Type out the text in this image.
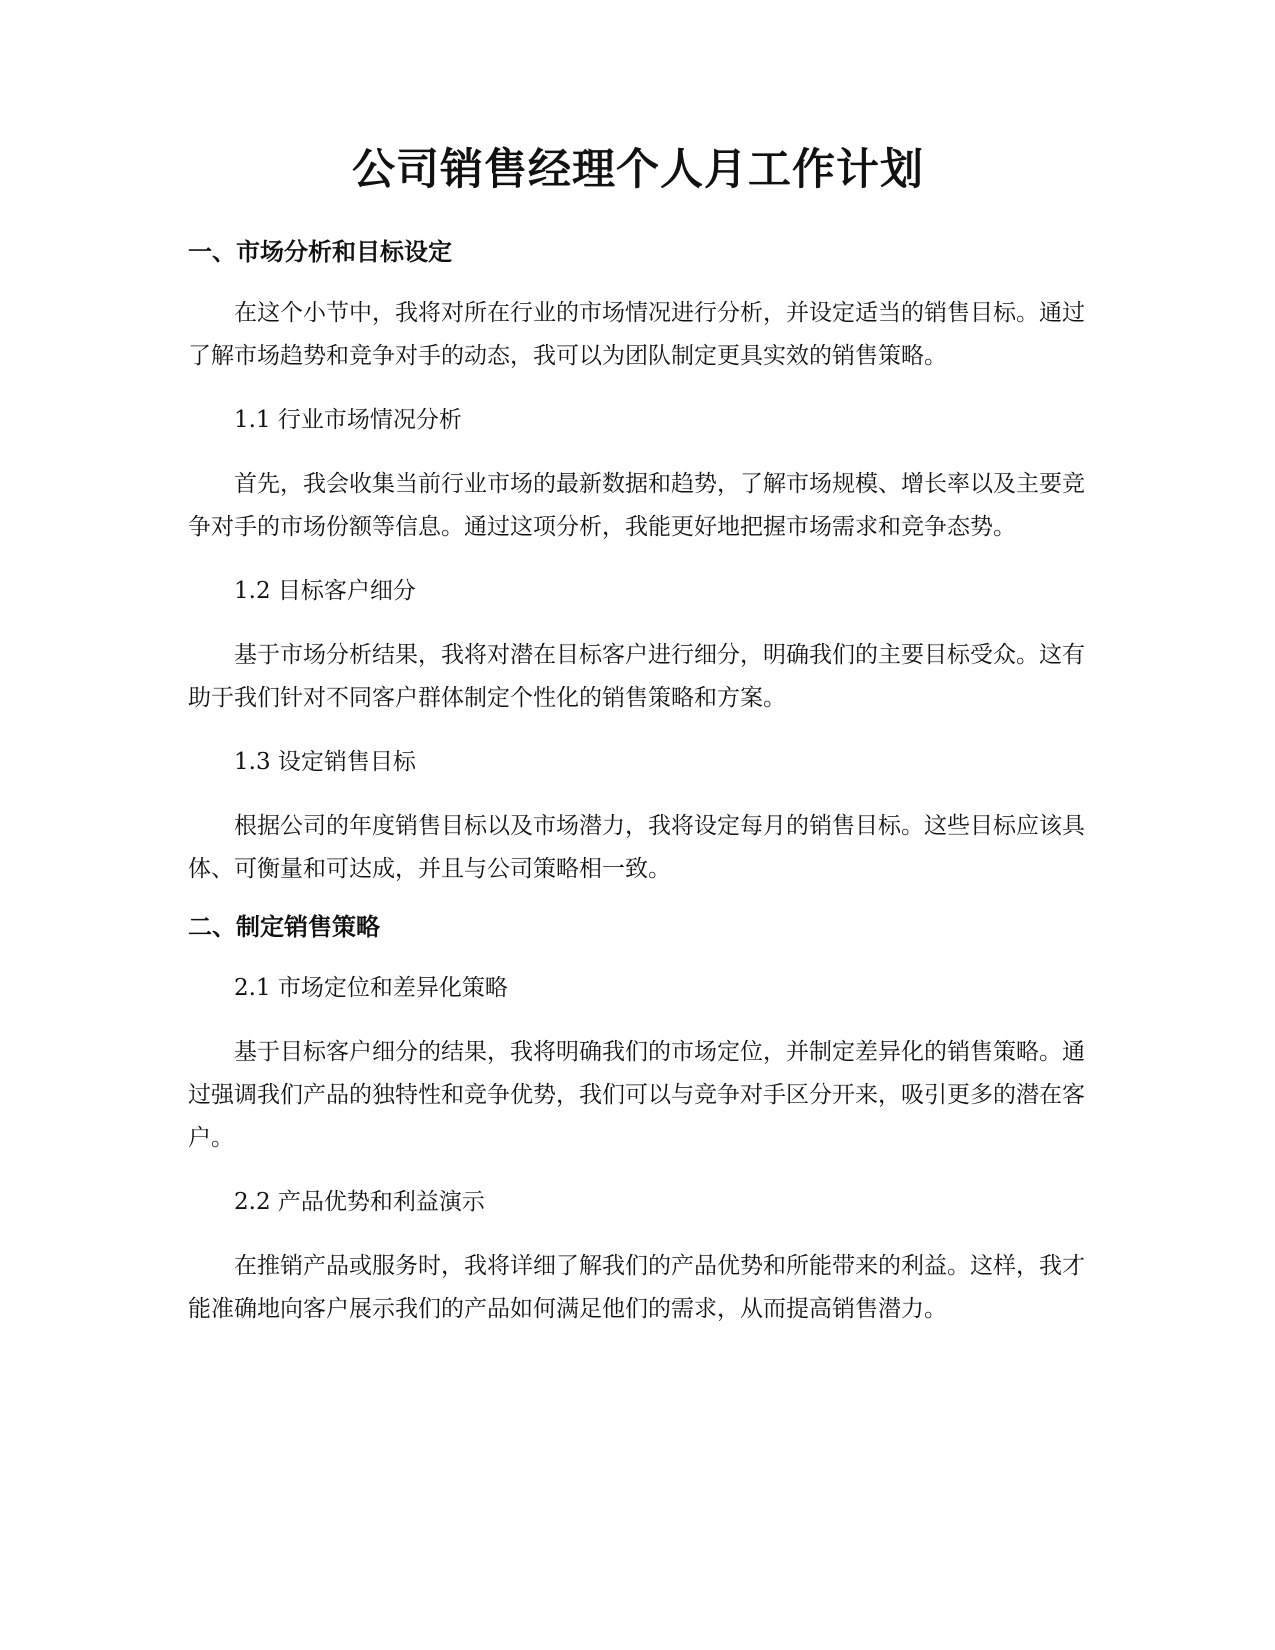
公司销售经理个人月工作计划
一、市场分析和目标设定

在这个小节中，我将对所在行业的市场情况进行分析，并设定适当的销售目标。通过了解市场趋势和竞争对手的动态，我可以为团队制定更具实效的销售策略。

1.1 行业市场情况分析

首先，我会收集当前行业市场的最新数据和趋势，了解市场规模、增长率以及主要竞争对手的市场份额等信息。通过这项分析，我能更好地把握市场需求和竞争态势。

1.2 目标客户细分

基于市场分析结果，我将对潜在目标客户进行细分，明确我们的主要目标受众。这有助于我们针对不同客户群体制定个性化的销售策略和方案。

1.3 设定销售目标

根据公司的年度销售目标以及市场潜力，我将设定每月的销售目标。这些目标应该具体、可衡量和可达成，并且与公司策略相一致。

二、制定销售策略

2.1 市场定位和差异化策略

基于目标客户细分的结果，我将明确我们的市场定位，并制定差异化的销售策略。通过强调我们产品的独特性和竞争优势，我们可以与竞争对手区分开来，吸引更多的潜在客户。

2.2 产品优势和利益演示

在推销产品或服务时，我将详细了解我们的产品优势和所能带来的利益。这样，我才能准确地向客户展示我们的产品如何满足他们的需求，从而提高销售潜力。
